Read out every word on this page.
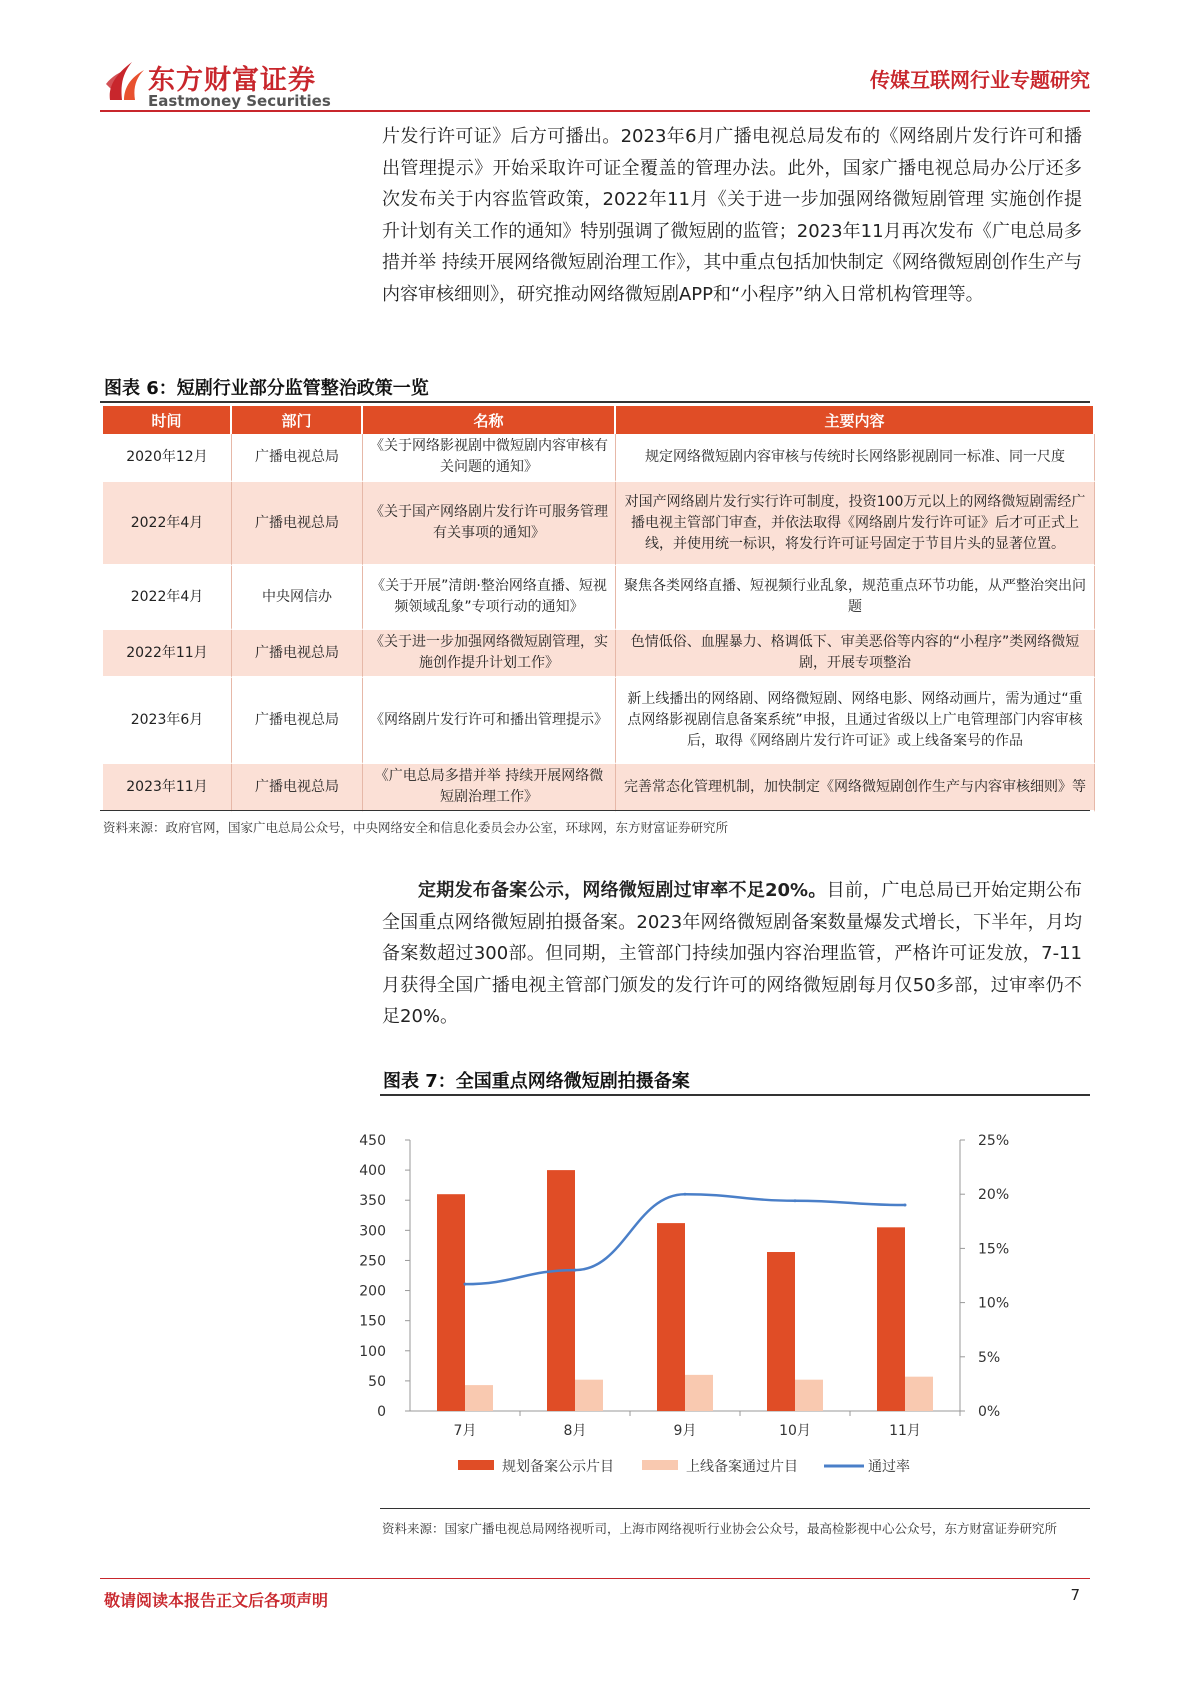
东方财富证券
Eastmoney Securities
传媒互联网行业专题研究
片发行许可证》后方可播出。2023年6月广播电视总局发布的《网络剧片发行许可和播出管理提示》开始采取许可证全覆盖的管理办法。此外，国家广播电视总局办公厅还多次发布关于内容监管政策，2022年11月《关于进一步加强网络微短剧管理 实施创作提升计划有关工作的通知》特别强调了微短剧的监管；2023年11月再次发布《广电总局多措并举 持续开展网络微短剧治理工作》，其中重点包括加快制定《网络微短剧创作生产与内容审核细则》，研究推动网络微短剧APP和“小程序”纳入日常机构管理等。
图表 6：短剧行业部分监管整治政策一览
时间	部门	名称	主要内容
2020年12月	广播电视总局	《关于网络影视剧中微短剧内容审核有关问题的通知》	规定网络微短剧内容审核与传统时长网络影视剧同一标准、同一尺度
2022年4月	广播电视总局	《关于国产网络剧片发行许可服务管理有关事项的通知》	对国产网络剧片发行实行许可制度，投资100万元以上的网络微短剧需经广播电视主管部门审查，并依法取得《网络剧片发行许可证》后才可正式上线，并使用统一标识，将发行许可证号固定于节目片头的显著位置。
2022年4月	中央网信办	《关于开展”清朗·整治网络直播、短视频领域乱象”专项行动的通知》	聚焦各类网络直播、短视频行业乱象，规范重点环节功能，从严整治突出问题
2022年11月	广播电视总局	《关于进一步加强网络微短剧管理，实施创作提升计划工作》	色情低俗、血腥暴力、格调低下、审美恶俗等内容的“小程序”类网络微短剧，开展专项整治
2023年6月	广播电视总局	《网络剧片发行许可和播出管理提示》	新上线播出的网络剧、网络微短剧、网络电影、网络动画片，需为通过“重点网络影视剧信息备案系统”申报，且通过省级以上广电管理部门内容审核后，取得《网络剧片发行许可证》或上线备案号的作品
2023年11月	广播电视总局	《广电总局多措并举 持续开展网络微短剧治理工作》	完善常态化管理机制，加快制定《网络微短剧创作生产与内容审核细则》等
资料来源：政府官网，国家广电总局公众号，中央网络安全和信息化委员会办公室，环球网，东方财富证券研究所
定期发布备案公示，网络微短剧过审率不足20%。目前，广电总局已开始定期公布全国重点网络微短剧拍摄备案。2023年网络微短剧备案数量爆发式增长，下半年，月均备案数超过300部。但同期，主管部门持续加强内容治理监管，严格许可证发放，7-11月获得全国广播电视主管部门颁发的发行许可的网络微短剧每月仅50多部，过审率仍不足20%。
图表 7：全国重点网络微短剧拍摄备案
0
50
100
150
200
250
300
350
400
450
0%
5%
10%
15%
20%
25%
7月	8月	9月	10月	11月
规划备案公示片目	上线备案通过片目	通过率
资料来源：国家广播电视总局网络视听司，上海市网络视听行业协会公众号，最高检影视中心公众号，东方财富证券研究所
敬请阅读本报告正文后各项声明	7
